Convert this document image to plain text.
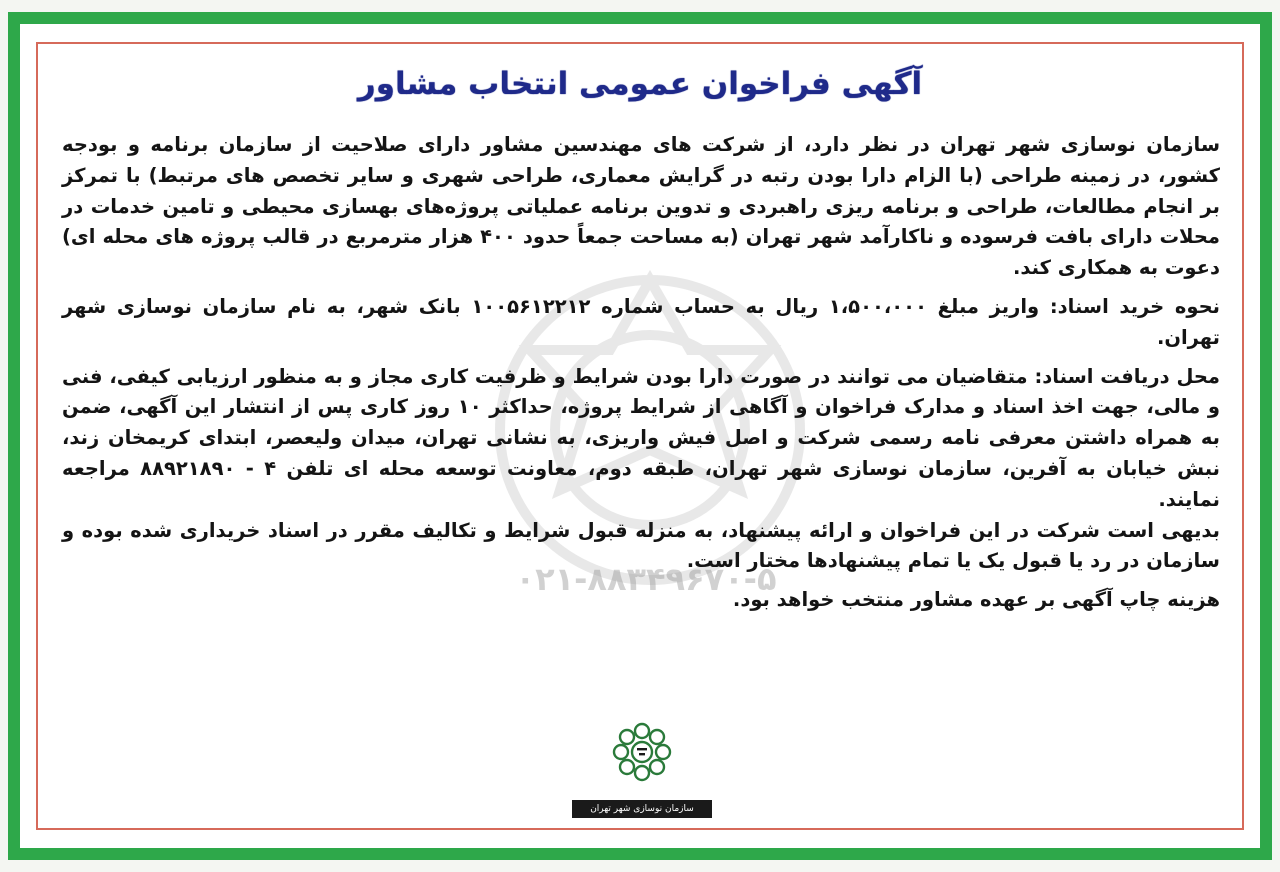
۰۲۱-۸۸۳۴۹۶۷۰-۵
آگهی فراخوان عمومی انتخاب مشاور

سازمان نوسازی شهر تهران در نظر دارد، از شرکت های مهندسین مشاور دارای صلاحیت از سازمان برنامه و بودجه کشور، در زمینه طراحی (با الزام دارا بودن رتبه در گرایش معماری، طراحی شهری و سایر تخصص های مرتبط) با تمرکز بر انجام مطالعات، طراحی و برنامه ریزی راهبردی و تدوین برنامه عملیاتی پروژه‌های بهسازی محیطی و تامین خدمات در محلات دارای بافت فرسوده و ناکارآمد شهر تهران (به مساحت جمعاً حدود ۴۰۰ هزار مترمربع در قالب پروژه های محله ای) دعوت به همکاری کند.

نحوه خرید اسناد: واریز مبلغ ۱،۵۰۰،۰۰۰ ریال به حساب شماره ۱۰۰۵۶۱۲۲۱۲ بانک شهر، به نام سازمان نوسازی شهر تهران.

محل دریافت اسناد: متقاضیان می توانند در صورت دارا بودن شرایط و ظرفیت کاری مجاز و به منظور ارزیابی کیفی، فنی و مالی، جهت اخذ اسناد و مدارک فراخوان و آگاهی از شرایط پروژه، حداکثر ۱۰ روز کاری پس از انتشار این آگهی، ضمن به همراه داشتن معرفی نامه رسمی شرکت و اصل فیش واریزی، به نشانی تهران، میدان ولیعصر، ابتدای کریمخان زند، نبش خیابان به آفرین، سازمان نوسازی شهر تهران، طبقه دوم، معاونت توسعه محله ای تلفن ۴ - ۸۸۹۲۱۸۹۰ مراجعه نمایند.

بدیهی است شرکت در این فراخوان و ارائه پیشنهاد، به منزله قبول شرایط و تکالیف مقرر در اسناد خریداری شده بوده و سازمان در رد یا قبول یک یا تمام پیشنهادها مختار است.

هزینه چاپ آگهی بر عهده مشاور منتخب خواهد بود.

سازمان نوسازی شهر تهران
